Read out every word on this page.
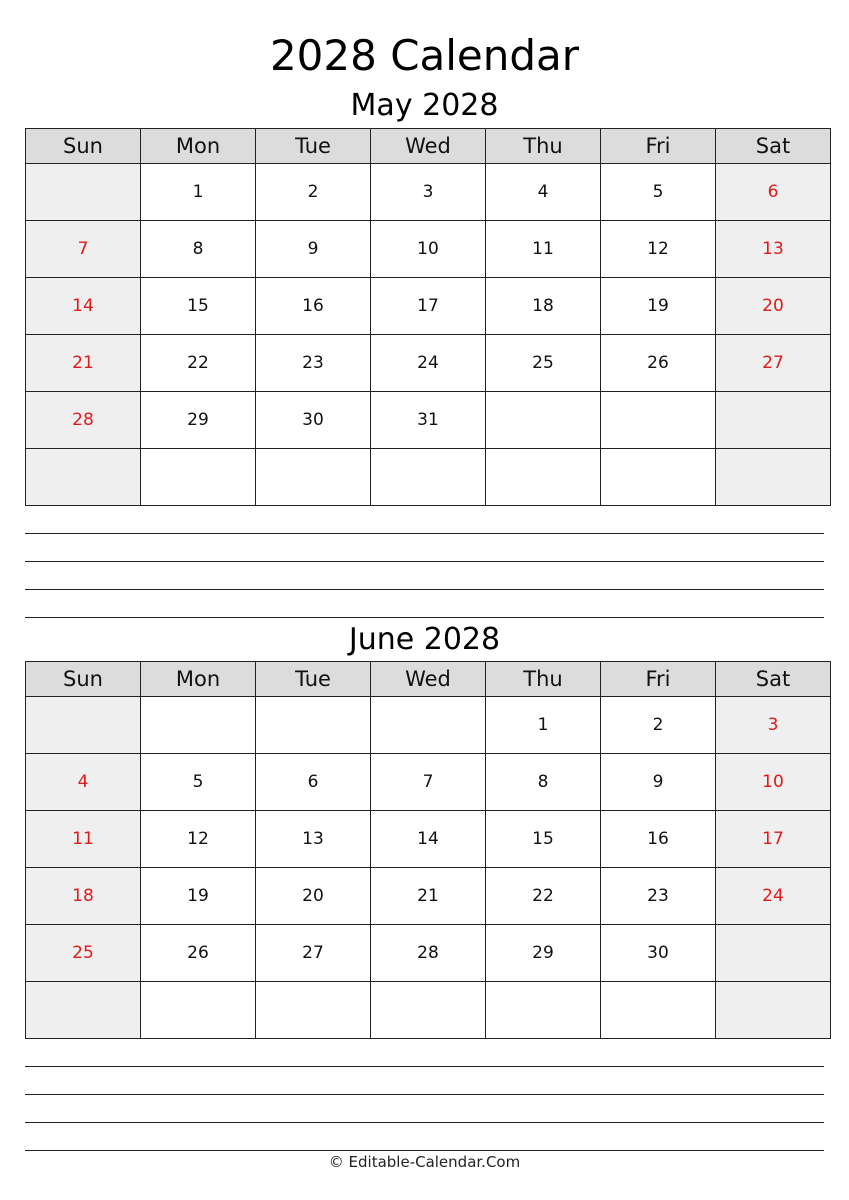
2028 Calendar
May 2028
Sun	Mon	Tue	Wed	Thu	Fri	Sat
	1	2	3	4	5	6
7	8	9	10	11	12	13
14	15	16	17	18	19	20
21	22	23	24	25	26	27
28	29	30	31			

June 2028
Sun	Mon	Tue	Wed	Thu	Fri	Sat
				1	2	3
4	5	6	7	8	9	10
11	12	13	14	15	16	17
18	19	20	21	22	23	24
25	26	27	28	29	30	

© Editable-Calendar.Com
